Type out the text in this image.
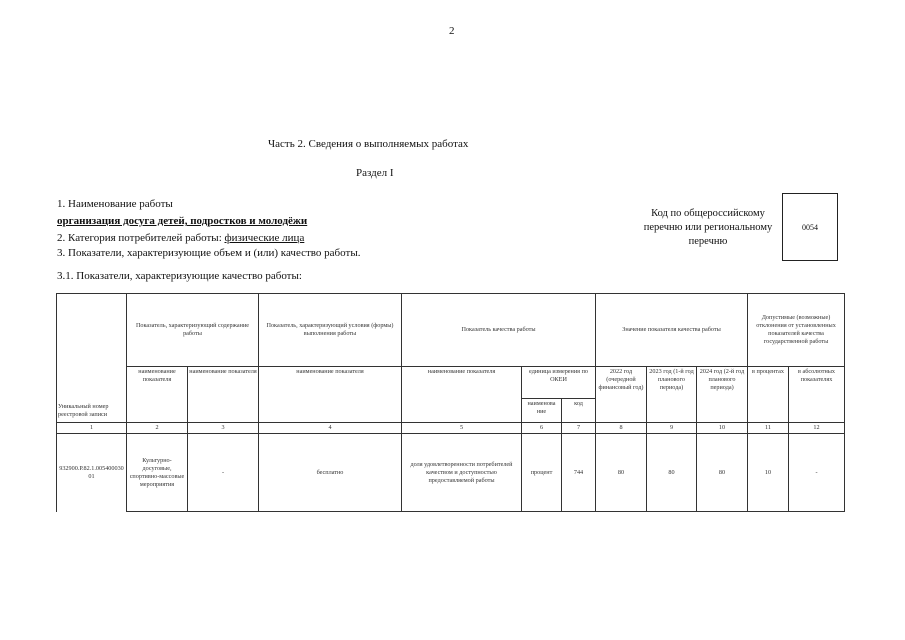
2
Часть 2. Сведения о выполняемых работах
Раздел I
1. Наименование работы
организация досуга детей, подростков и молодёжи
2. Категория потребителей работы: физические лица
3. Показатели, характеризующие объем и (или) качество работы.
3.1. Показатели, характеризующие качество работы:
Код по общероссийскому перечню или региональному перечню
0054
Уникальный номер реестровой записи	Показатель, характеризующий содержание работы		Показатель, характеризующий условия (формы) выполнения работы	Показатель качества работы			Значение показателя качества работы			Допустимые (возможные) отклонения от установленных показателей качества государственной работы	
	наименование показателя	наименование показателя	наименование показателя	наименование показателя	единица измерения по ОКЕИ		2022 год (очередной финансовый год)	2023 год (1-й год планового периода)	2024 год (2-й год планового периода)	в процентах	в абсолютных показателях
					наименова ние	код					
1	2	3	4	5	6	7	8	9	10	11	12
932900.Р.82.1.00540003001	Культурно-досуговые, спортивно-массовые мероприятия	-	бесплатно	доля удовлетворенности потребителей качеством и доступностью предоставляемой работы	процент	744	80	80	80	10	-
